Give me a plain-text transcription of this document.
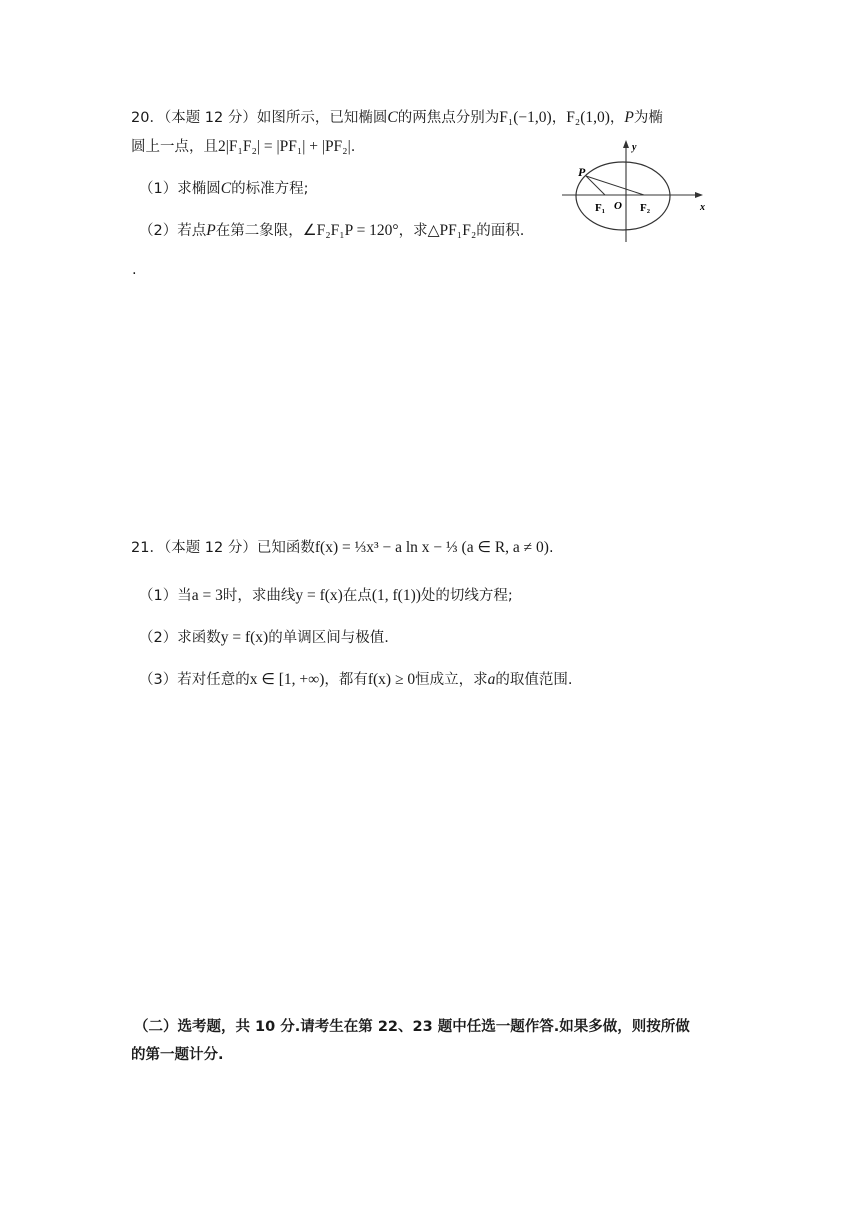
20．（本题 12 分）如图所示，已知椭圆C的两焦点分别为F₁(−1,0)，F₂(1,0)，P为椭
圆上一点，且2|F₁F₂| = |PF₁| + |PF₂|.
（1）求椭圆C的标准方程;
（2）若点P在第二象限，∠F₂F₁P = 120°，求△PF₁F₂的面积.
.
P
y
x
O
F₁	F₂
21．（本题 12 分）已知函数f(x) = ⅓x³ − a ln x − ⅓ (a ∈ R, a ≠ 0).
（1）当a = 3时，求曲线y = f(x)在点(1, f(1))处的切线方程;
（2）求函数y = f(x)的单调区间与极值.
（3）若对任意的x ∈ [1, +∞)，都有f(x) ≥ 0恒成立，求a的取值范围.
（二）选考题，共 10 分.请考生在第 22、23 题中任选一题作答.如果多做，则按所做
的第一题计分.
